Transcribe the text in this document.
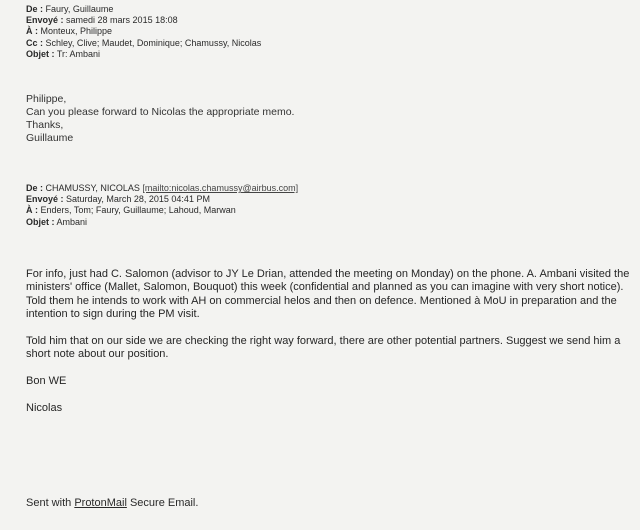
De : Faury, Guillaume
Envoyé : samedi 28 mars 2015 18:08
À : Monteux, Philippe
Cc : Schley, Clive; Maudet, Dominique; Chamussy, Nicolas
Objet : Tr: Ambani
Philippe,
Can you please forward to Nicolas the appropriate memo.
Thanks,
Guillaume
De : CHAMUSSY, NICOLAS [mailto:nicolas.chamussy@airbus.com]
Envoyé : Saturday, March 28, 2015 04:41 PM
À : Enders, Tom; Faury, Guillaume; Lahoud, Marwan
Objet : Ambani

For info, just had C. Salomon (advisor to JY Le Drian, attended the meeting on Monday) on the phone. A. Ambani visited the ministers' office (Mallet, Salomon, Bouquot) this week (confidential and planned as you can imagine with very short notice). Told them he intends to work with AH on commercial helos and then on defence. Mentioned à MoU in preparation and the intention to sign during the PM visit.

Told him that on our side we are checking the right way forward, there are other potential partners. Suggest we send him a short note about our position.

Bon WE

Nicolas

Sent with ProtonMail Secure Email.
